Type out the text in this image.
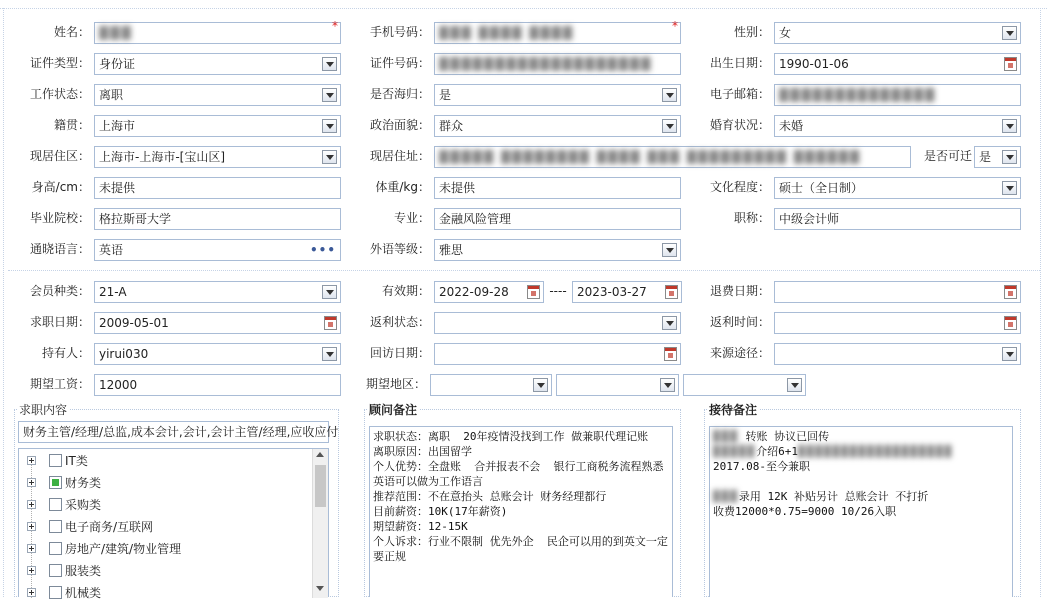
姓名： ▓▓▓	*	手机号码： ▓▓▓ ▓▓▓▓ ▓▓▓▓	*	性别： 女
证件类型： 身份证	证件号码： ▓▓▓▓▓▓▓▓▓▓▓▓▓▓▓▓▓▓▓	出生日期： 1990-01-06
工作状态： 离职	是否海归： 是	电子邮箱： ▓▓▓▓▓▓▓▓▓▓▓▓▓▓
籍贯： 上海市	政治面貌： 群众	婚育状况： 未婚
现居住区： 上海市-上海市-[宝山区]	现居住址： ▓▓▓▓▓ ▓▓▓▓▓▓▓▓ ▓▓▓▓ ▓▓▓ ▓▓▓▓▓▓▓▓▓ ▓▓▓▓▓▓	是否可迁 是
身高/cm： 未提供	体重/kg： 未提供	文化程度： 硕士（全日制）
毕业院校： 格拉斯哥大学	专业： 金融风险管理	职称： 中级会计师
通晓语言： 英语	•••	外语等级： 雅思
会员种类： 21-A	有效期： 2022-09-28	---- 2023-03-27	退费日期：
求职日期： 2009-05-01	返利状态：	返利时间：
持有人： yirui030	回访日期：	来源途径：
期望工资： 12000	期望地区：
求职内容
财务主管/经理/总监,成本会计,会计,会计主管/经理,应收应付
IT类
财务类
采购类
电子商务/互联网
房地产/建筑/物业管理
服装类
机械类
顾问备注
求职状态：离职  20年疫情没找到工作 做兼职代理记账
离职原因：出国留学
个人优势：全盘账  合并报表不会  银行工商税务流程熟悉  英语可以做为工作语言
推荐范围：不在意抬头 总账会计 财务经理都行
目前薪资：10K(17年薪资)
期望薪资：12-15K
个人诉求：行业不限制 优先外企  民企可以用的到英文一定要正规
接待备注
▓▓▓ 转账 协议已回传
▓▓▓▓▓介绍6+1▓▓▓▓▓▓▓▓▓▓▓▓▓▓▓▓▓▓
2017.08-至今兼职
▓▓▓录用 12K 补贴另计 总账会计 不打折
收费12000*0.75=9000 10/26入职
